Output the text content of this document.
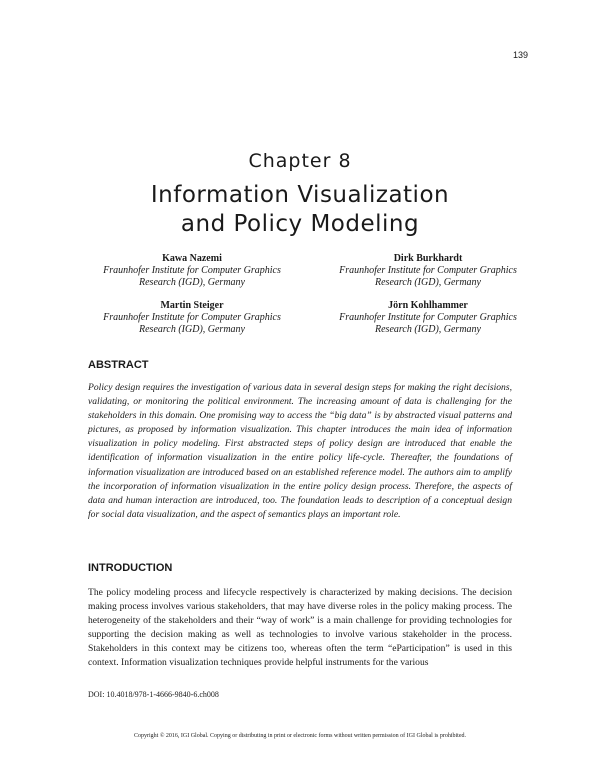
139
Chapter 8
Information Visualization
and Policy Modeling
Kawa Nazemi
Fraunhofer Institute for Computer Graphics
Research (IGD), Germany
Dirk Burkhardt
Fraunhofer Institute for Computer Graphics
Research (IGD), Germany
Martin Steiger
Fraunhofer Institute for Computer Graphics
Research (IGD), Germany
Jörn Kohlhammer
Fraunhofer Institute for Computer Graphics
Research (IGD), Germany
ABSTRACT

Policy design requires the investigation of various data in several design steps for making the right decisions, validating, or monitoring the political environment. The increasing amount of data is challenging for the stakeholders in this domain. One promising way to access the “big data” is by abstracted visual patterns and pictures, as proposed by information visualization. This chapter introduces the main idea of information visualization in policy modeling. First abstracted steps of policy design are introduced that enable the identification of information visualization in the entire policy life-cycle. Thereafter, the foundations of information visualization are introduced based on an established reference model. The authors aim to amplify the incorporation of information visualization in the entire policy design process. Therefore, the aspects of data and human interaction are introduced, too. The foundation leads to description of a conceptual design for social data visualization, and the aspect of semantics plays an important role.

INTRODUCTION

The policy modeling process and lifecycle respectively is characterized by making decisions. The decision making process involves various stakeholders, that may have diverse roles in the policy making process. The heterogeneity of the stakeholders and their “way of work” is a main challenge for providing technologies for supporting the decision making as well as technologies to involve various stakeholder in the process. Stakeholders in this context may be citizens too, whereas often the term “eParticipation” is used in this context. Information visualization techniques provide helpful instruments for the various

DOI: 10.4018/978-1-4666-9840-6.ch008
Copyright © 2016, IGI Global. Copying or distributing in print or electronic forms without written permission of IGI Global is prohibited.
